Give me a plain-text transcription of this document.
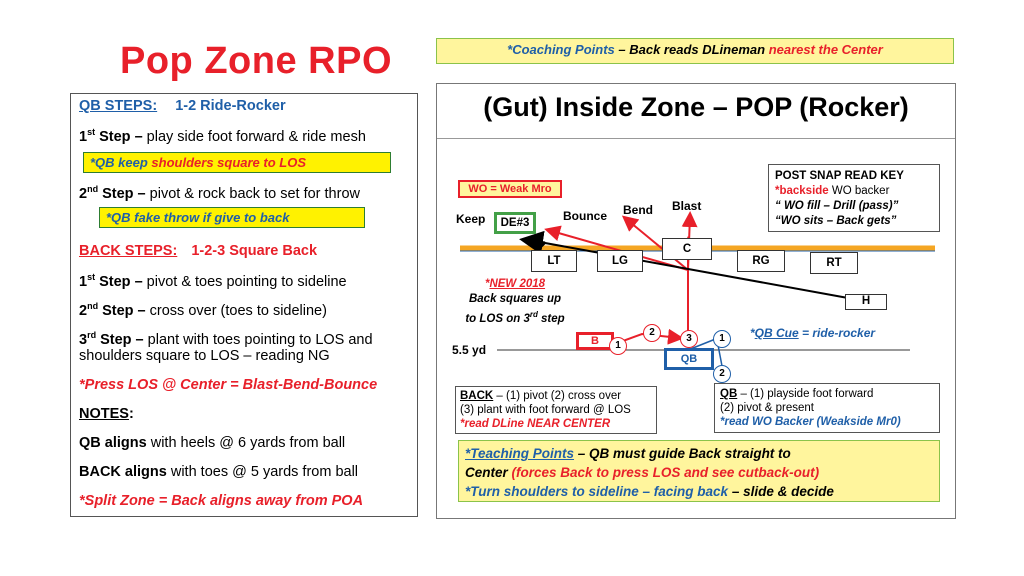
Pop Zone RPO
QB STEPS: 1-2 Ride-Rocker
1st Step – play side foot forward & ride mesh
*QB keep shoulders square to LOS
2nd Step – pivot & rock back to set for throw
*QB fake throw if give to back
BACK STEPS: 1-2-3 Square Back
1st Step – pivot & toes pointing to sideline
2nd Step – cross over (toes to sideline)
3rd Step – plant with toes pointing to LOS and
shoulders square to LOS – reading NG
*Press LOS @ Center = Blast-Bend-Bounce
NOTES:
QB aligns with heels @ 6 yards from ball
BACK aligns with toes @ 5 yards from ball
*Split Zone = Back aligns away from POA
*Coaching Points – Back reads DLineman nearest the Center
(Gut) Inside Zone – POP (Rocker)
WO = Weak Mro
Keep	DE#3	Bounce Bend Blast
C
LT	LG	RG	RT
H
*NEW 2018
Back squares up
to LOS on 3rd step
*QB Cue = ride-rocker
5.5 yd
B
QB
1
2
3	1
2
POST SNAP READ KEY
*backside WO backer
“ WO fill – Drill (pass)”
“WO sits – Back gets”
BACK – (1) pivot (2) cross over
(3) plant with foot forward @ LOS
*read DLine NEAR CENTER
QB – (1) playside foot forward
(2) pivot & present
*read WO Backer (Weakside Mr0)
*Teaching Points – QB must guide Back straight to
Center (forces Back to press LOS and see cutback-out)
*Turn shoulders to sideline – facing back – slide & decide
